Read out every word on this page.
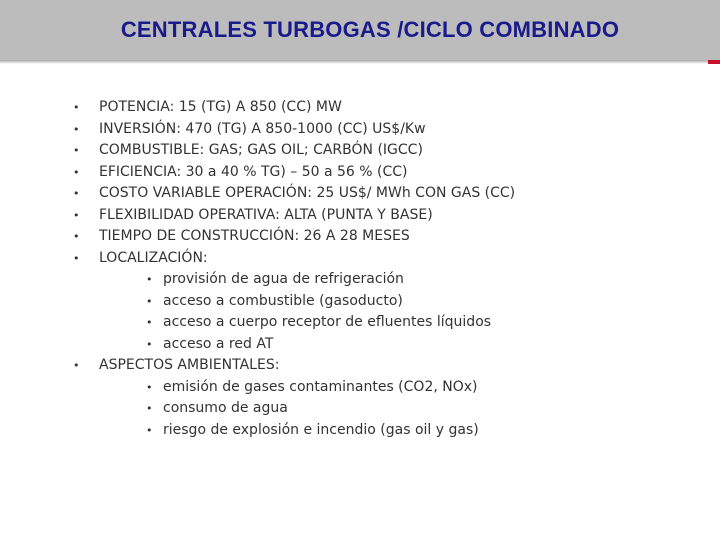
CENTRALES TURBOGAS /CICLO COMBINADO
• POTENCIA: 15 (TG) A 850 (CC) MW
• INVERSIÓN: 470 (TG) A 850-1000 (CC) US$/Kw
• COMBUSTIBLE: GAS; GAS OIL; CARBÓN (IGCC)
• EFICIENCIA: 30 a 40 % TG) – 50 a 56 % (CC)
• COSTO VARIABLE OPERACIÓN: 25 US$/ MWh CON GAS (CC)
• FLEXIBILIDAD OPERATIVA: ALTA (PUNTA Y BASE)
• TIEMPO DE CONSTRUCCIÓN: 26 A 28 MESES
• LOCALIZACIÓN:
• provisión de agua de refrigeración
• acceso a combustible (gasoducto)
• acceso a cuerpo receptor de efluentes líquidos
• acceso a red AT
• ASPECTOS AMBIENTALES:
• emisión de gases contaminantes (CO2, NOx)
• consumo de agua
• riesgo de explosión e incendio (gas oil y gas)
